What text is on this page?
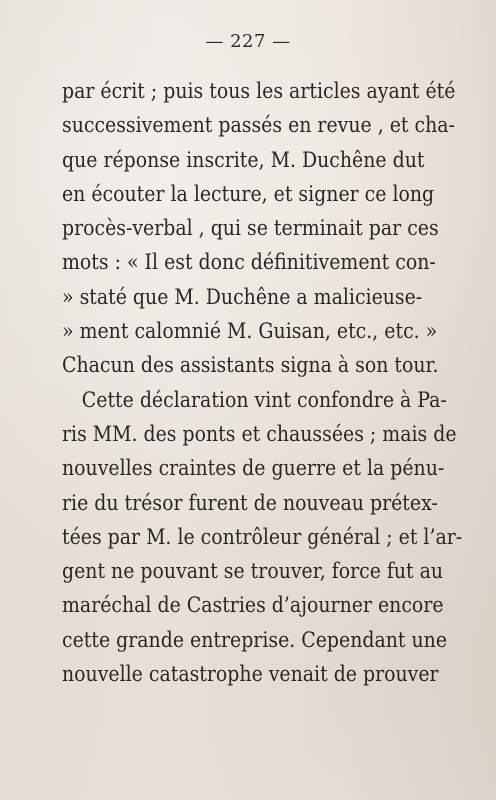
— 227 —
par écrit ; puis tous les articles ayant été
successivement passés en revue , et cha-
que réponse inscrite, M. Duchêne dut
en écouter la lecture, et signer ce long
procès-verbal , qui se terminait par ces
mots : « Il est donc définitivement con-
» staté que M. Duchêne a malicieuse-
» ment calomnié M. Guisan, etc., etc. »
Chacun des assistants signa à son tour.
Cette déclaration vint confondre à Pa-
ris MM. des ponts et chaussées ; mais de
nouvelles craintes de guerre et la pénu-
rie du trésor furent de nouveau prétex-
tées par M. le contrôleur général ; et l’ar-
gent ne pouvant se trouver, force fut au
maréchal de Castries d’ajourner encore
cette grande entreprise. Cependant une
nouvelle catastrophe venait de prouver
